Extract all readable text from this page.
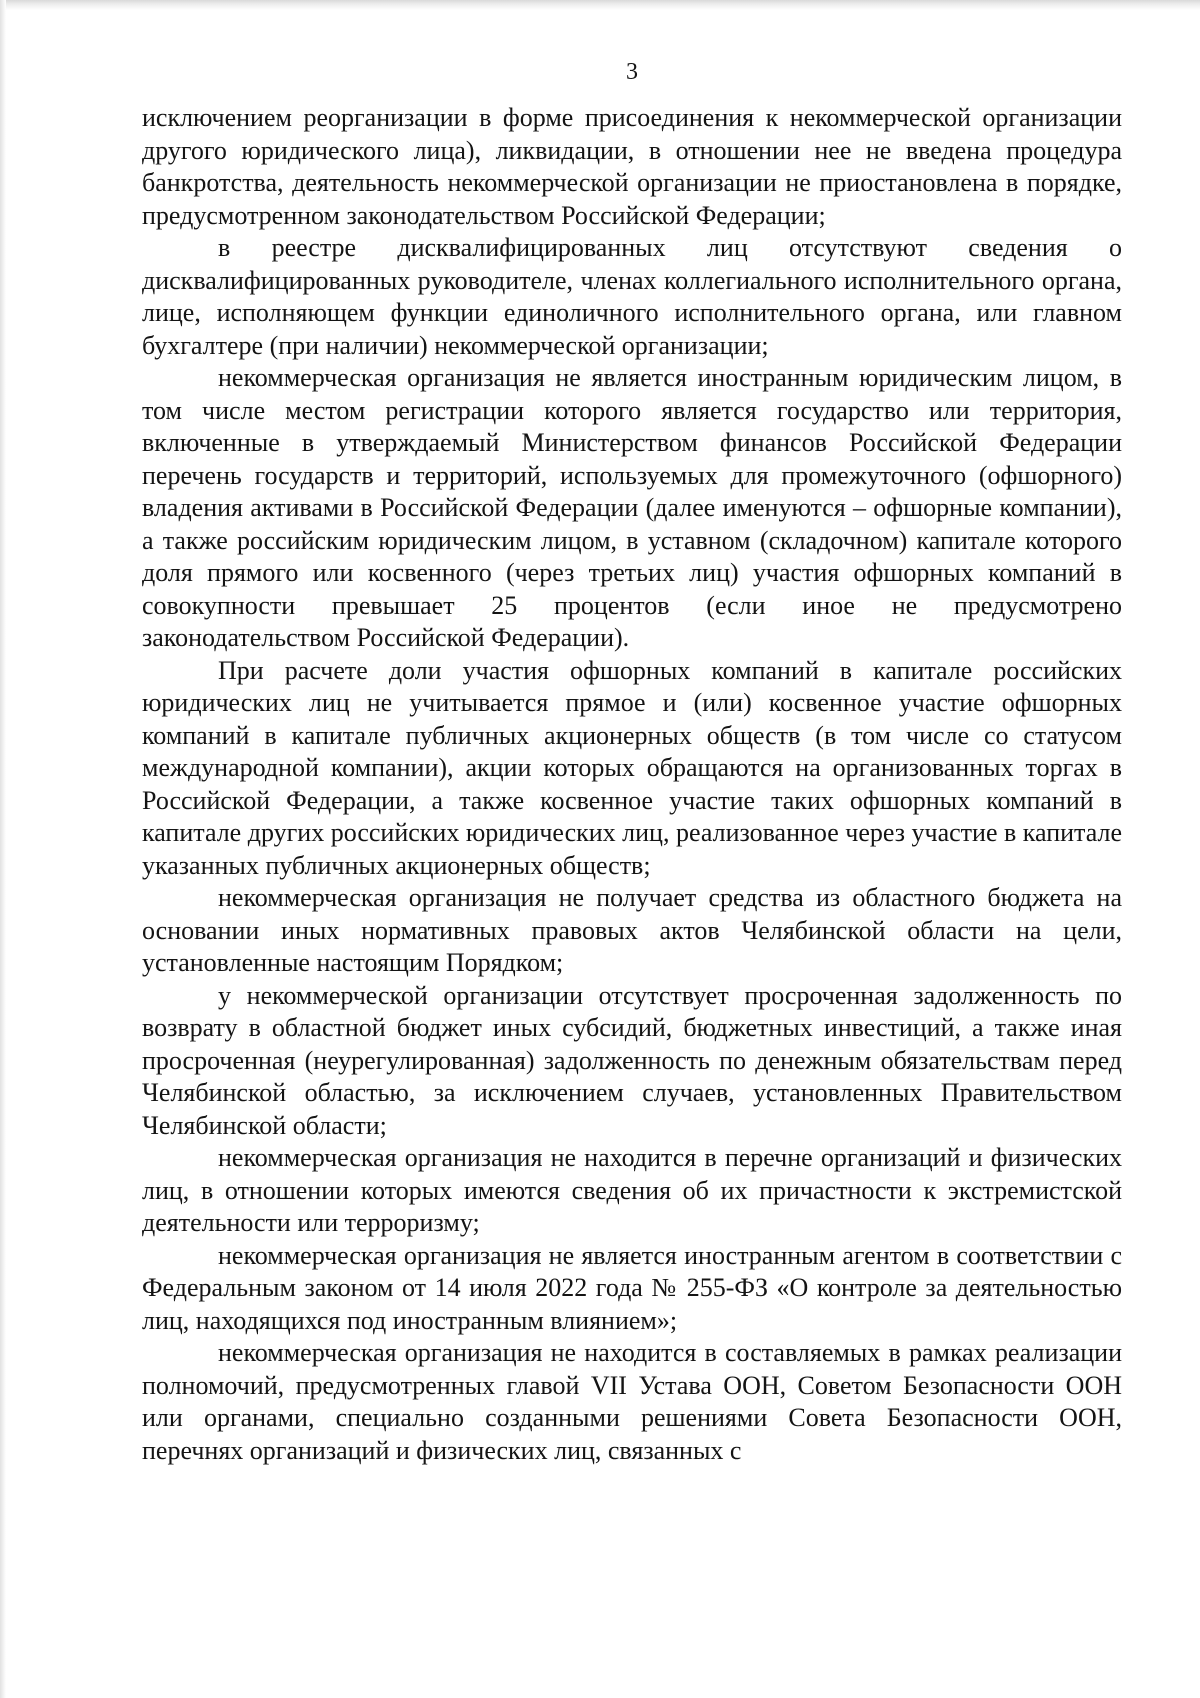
3

исключением реорганизации в форме присоединения к некоммерческой организации другого юридического лица), ликвидации, в отношении нее не введена процедура банкротства, деятельность некоммерческой организации не приостановлена в порядке, предусмотренном законодательством Российской Федерации;

в реестре дисквалифицированных лиц отсутствуют сведения о дисквалифицированных руководителе, членах коллегиального исполнительного органа, лице, исполняющем функции единоличного исполнительного органа, или главном бухгалтере (при наличии) некоммерческой организации;

некоммерческая организация не является иностранным юридическим лицом, в том числе местом регистрации которого является государство или территория, включенные в утверждаемый Министерством финансов Российской Федерации перечень государств и территорий, используемых для промежуточного (офшорного) владения активами в Российской Федерации (далее именуются – офшорные компании), а также российским юридическим лицом, в уставном (складочном) капитале которого доля прямого или косвенного (через третьих лиц) участия офшорных компаний в совокупности превышает 25 процентов (если иное не предусмотрено законодательством Российской Федерации).

При расчете доли участия офшорных компаний в капитале российских юридических лиц не учитывается прямое и (или) косвенное участие офшорных компаний в капитале публичных акционерных обществ (в том числе со статусом международной компании), акции которых обращаются на организованных торгах в Российской Федерации, а также косвенное участие таких офшорных компаний в капитале других российских юридических лиц, реализованное через участие в капитале указанных публичных акционерных обществ;

некоммерческая организация не получает средства из областного бюджета на основании иных нормативных правовых актов Челябинской области на цели, установленные настоящим Порядком;

у некоммерческой организации отсутствует просроченная задолженность по возврату в областной бюджет иных субсидий, бюджетных инвестиций, а также иная просроченная (неурегулированная) задолженность по денежным обязательствам перед Челябинской областью, за исключением случаев, установленных Правительством Челябинской области;

некоммерческая организация не находится в перечне организаций и физических лиц, в отношении которых имеются сведения об их причастности к экстремистской деятельности или терроризму;

некоммерческая организация не является иностранным агентом в соответствии с Федеральным законом от 14 июля 2022 года № 255-ФЗ «О контроле за деятельностью лиц, находящихся под иностранным влиянием»;

некоммерческая организация не находится в составляемых в рамках реализации полномочий, предусмотренных главой VII Устава ООН, Советом Безопасности ООН или органами, специально созданными решениями Совета Безопасности ООН, перечнях организаций и физических лиц, связанных с
